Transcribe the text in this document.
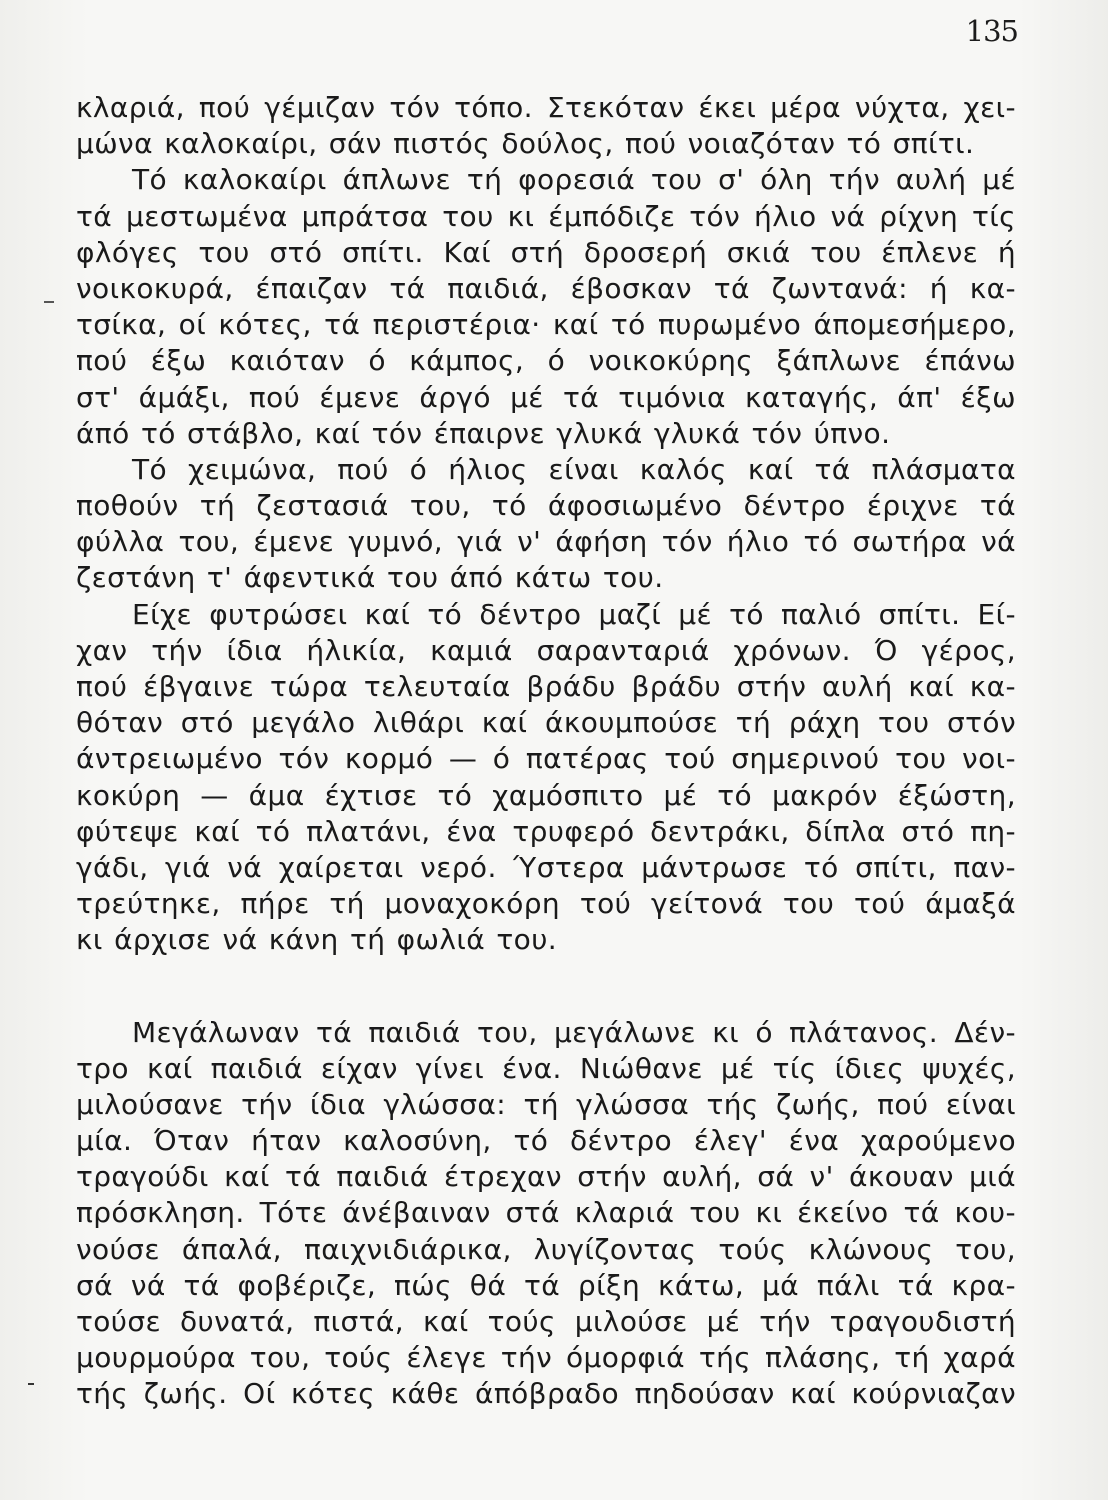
135
κλαριά, πού γέμιζαν τόν τόπο. Στεκόταν έκει μέρα νύχτα, χει-
μώνα καλοκαίρι, σάν πιστός δούλος, πού νοιαζόταν τό σπίτι.
Τό καλοκαίρι άπλωνε τή φορεσιά του σ' όλη τήν αυλή μέ
τά μεστωμένα μπράτσα του κι έμπόδιζε τόν ήλιο νά ρίχνη τίς
φλόγες του στό σπίτι. Καί στή δροσερή σκιά του έπλενε ή
νοικοκυρά, έπαιζαν τά παιδιά, έβοσκαν τά ζωντανά: ή κα-
τσίκα, οί κότες, τά περιστέρια· καί τό πυρωμένο άπομεσήμερο,
πού έξω καιόταν ό κάμπος, ό νοικοκύρης ξάπλωνε έπάνω
στ' άμάξι, πού έμενε άργό μέ τά τιμόνια καταγής, άπ' έξω
άπό τό στάβλο, καί τόν έπαιρνε γλυκά γλυκά τόν ύπνο.
Τό χειμώνα, πού ό ήλιος είναι καλός καί τά πλάσματα
ποθούν τή ζεστασιά του, τό άφοσιωμένο δέντρο έριχνε τά
φύλλα του, έμενε γυμνό, γιά ν' άφήση τόν ήλιο τό σωτήρα νά
ζεστάνη τ' άφεντικά του άπό κάτω του.
Είχε φυτρώσει καί τό δέντρο μαζί μέ τό παλιό σπίτι. Εί-
χαν τήν ίδια ήλικία, καμιά σαρανταριά χρόνων. Ό γέρος,
πού έβγαινε τώρα τελευταία βράδυ βράδυ στήν αυλή καί κα-
θόταν στό μεγάλο λιθάρι καί άκουμπούσε τή ράχη του στόν
άντρειωμένο τόν κορμό — ό πατέρας τού σημερινού του νοι-
κοκύρη — άμα έχτισε τό χαμόσπιτο μέ τό μακρόν έξώστη,
φύτεψε καί τό πλατάνι, ένα τρυφερό δεντράκι, δίπλα στό πη-
γάδι, γιά νά χαίρεται νερό. Ύστερα μάντρωσε τό σπίτι, παν-
τρεύτηκε, πήρε τή μοναχοκόρη τού γείτονά του τού άμαξά
κι άρχισε νά κάνη τή φωλιά του.
Μεγάλωναν τά παιδιά του, μεγάλωνε κι ό πλάτανος. Δέν-
τρο καί παιδιά είχαν γίνει ένα. Νιώθανε μέ τίς ίδιες ψυχές,
μιλούσανε τήν ίδια γλώσσα: τή γλώσσα τής ζωής, πού είναι
μία. Όταν ήταν καλοσύνη, τό δέντρο έλεγ' ένα χαρούμενο
τραγούδι καί τά παιδιά έτρεχαν στήν αυλή, σά ν' άκουαν μιά
πρόσκληση. Τότε άνέβαιναν στά κλαριά του κι έκείνο τά κου-
νούσε άπαλά, παιχνιδιάρικα, λυγίζοντας τούς κλώνους του,
σά νά τά φοβέριζε, πώς θά τά ρίξη κάτω, μά πάλι τά κρα-
τούσε δυνατά, πιστά, καί τούς μιλούσε μέ τήν τραγουδιστή
μουρμούρα του, τούς έλεγε τήν όμορφιά τής πλάσης, τή χαρά
τής ζωής. Οί κότες κάθε άπόβραδο πηδούσαν καί κούρνιαζαν
